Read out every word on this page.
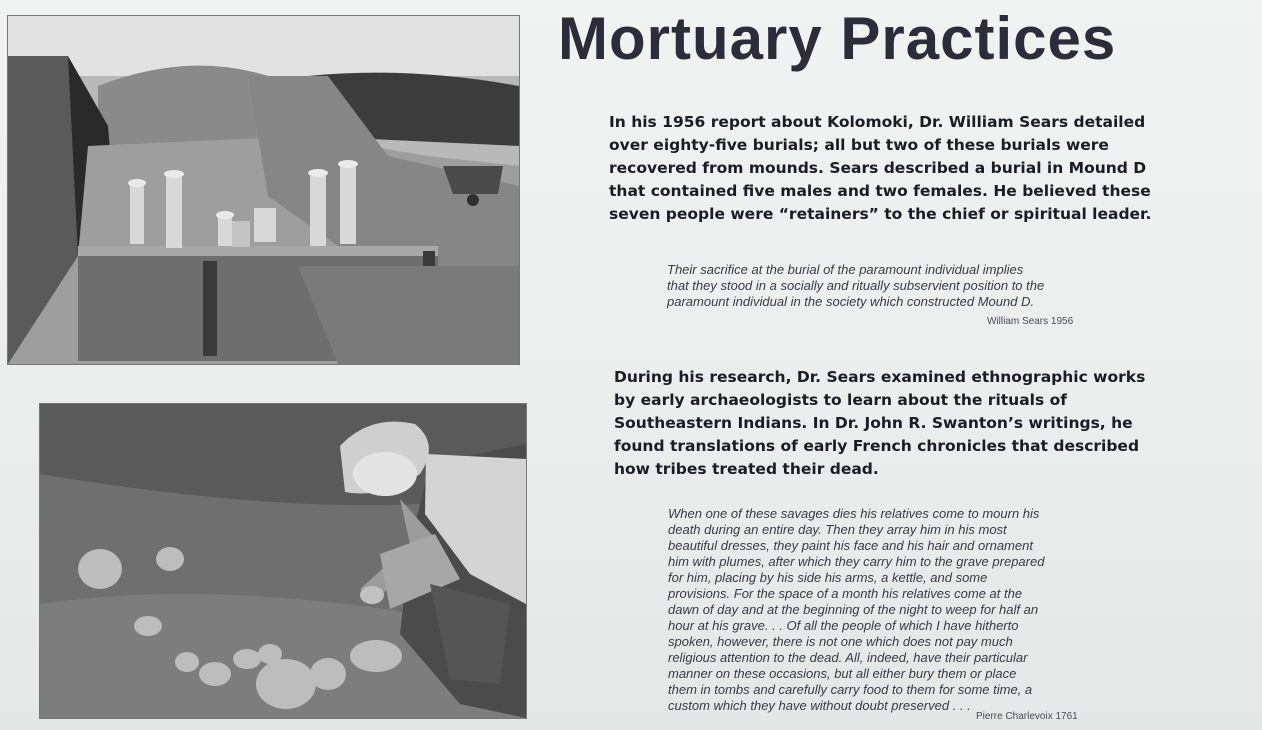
Mortuary Practices

In his 1956 report about Kolomoki, Dr. William Sears detailed
over eighty-five burials; all but two of these burials were
recovered from mounds. Sears described a burial in Mound D
that contained five males and two females. He believed these
seven people were “retainers” to the chief or spiritual leader.

Their sacrifice at the burial of the paramount individual implies
that they stood in a socially and ritually subservient position to the
paramount individual in the society which constructed Mound D.

William Sears 1956

During his research, Dr. Sears examined ethnographic works
by early archaeologists to learn about the rituals of
Southeastern Indians. In Dr. John R. Swanton’s writings, he
found translations of early French chronicles that described
how tribes treated their dead.

When one of these savages dies his relatives come to mourn his
death during an entire day. Then they array him in his most
beautiful dresses, they paint his face and his hair and ornament
him with plumes, after which they carry him to the grave prepared
for him, placing by his side his arms, a kettle, and some
provisions. For the space of a month his relatives come at the
dawn of day and at the beginning of the night to weep for half an
hour at his grave. . . Of all the people of which I have hitherto
spoken, however, there is not one which does not pay much
religious attention to the dead. All, indeed, have their particular
manner on these occasions, but all either bury them or place
them in tombs and carefully carry food to them for some time, a
custom which they have without doubt preserved . . .

Pierre Charlevoix 1761
